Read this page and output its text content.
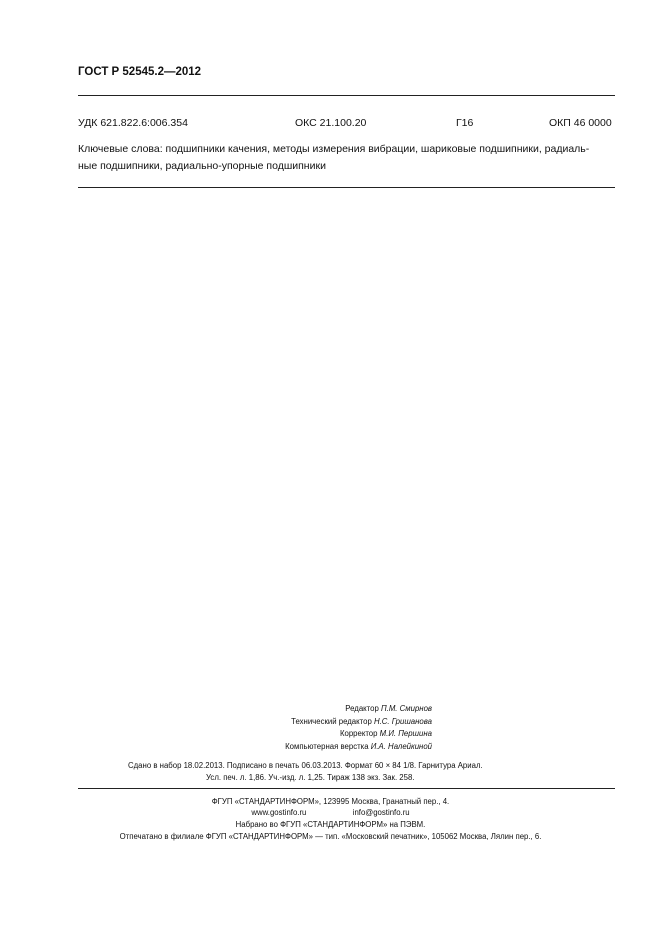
ГОСТ Р 52545.2—2012
УДК 621.822.6:006.354	ОКС 21.100.20	Г16	ОКП 46 0000
Ключевые слова: подшипники качения, методы измерения вибрации, шариковые подшипники, радиаль-
ные подшипники, радиально-упорные подшипники
Редактор П.М. Смирнов
Технический редактор Н.С. Гришанова
Корректор М.И. Першина
Компьютерная верстка И.А. Налейкиной
Сдано в набор 18.02.2013. Подписано в печать 06.03.2013. Формат 60 × 84 1/8. Гарнитура Ариал.
Усл. печ. л. 1,86. Уч.-изд. л. 1,25. Тираж 138 экз. Зак. 258.
ФГУП «СТАНДАРТИНФОРМ», 123995 Москва, Гранатный пер., 4.
www.gostinfo.ru	info@gostinfo.ru
Набрано во ФГУП «СТАНДАРТИНФОРМ» на ПЭВМ.
Отпечатано в филиале ФГУП «СТАНДАРТИНФОРМ» — тип. «Московский печатник», 105062 Москва, Лялин пер., 6.
